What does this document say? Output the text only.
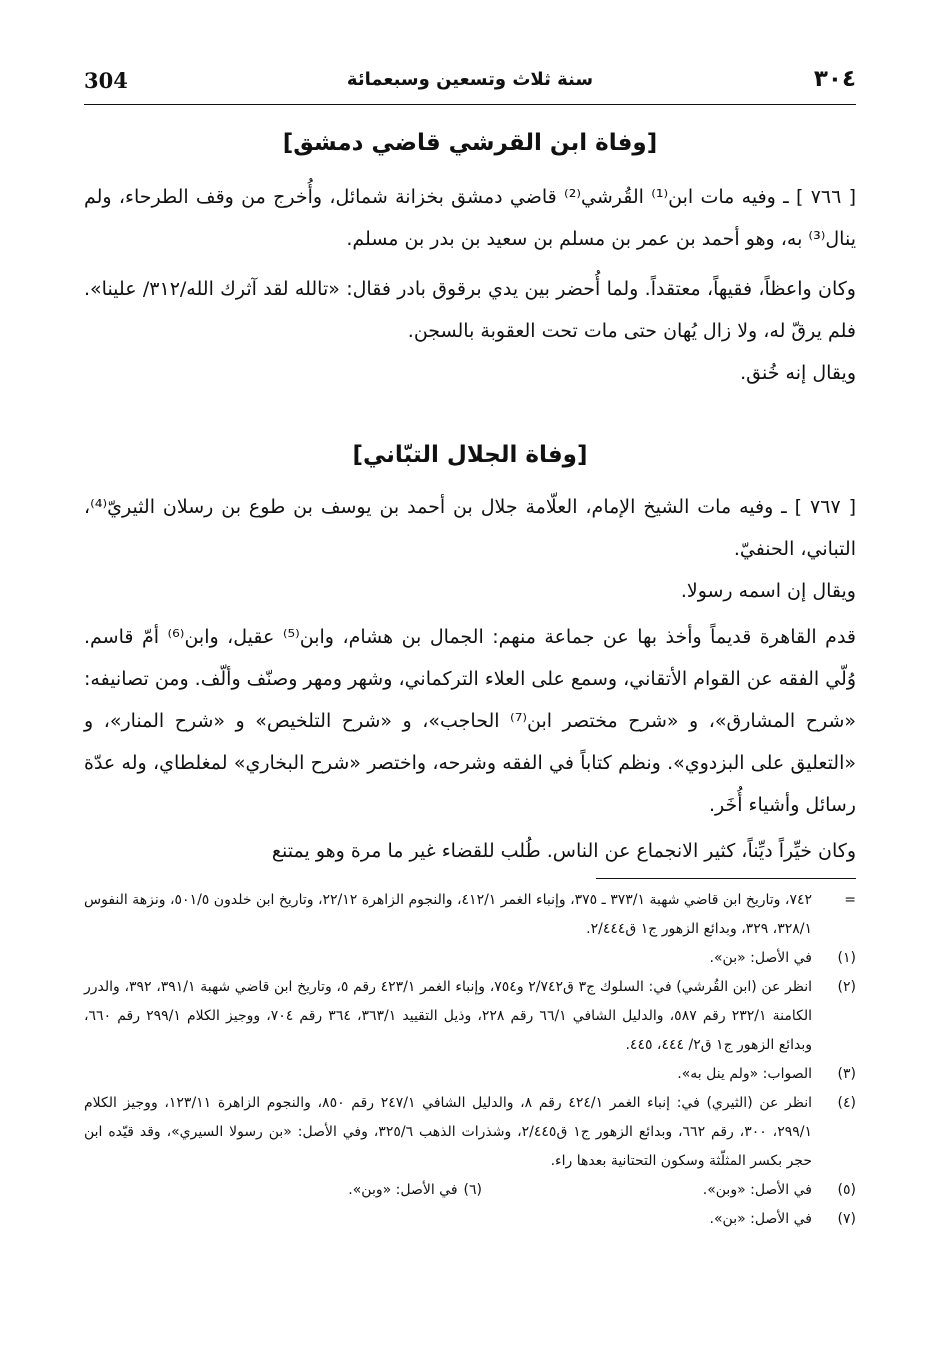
304	سنة ثلاث وتسعين وسبعمائة	٣٠٤
[وفاة ابن القرشي قاضي دمشق]

[ ٧٦٦ ] ـ وفيه مات ابن⁽¹⁾ القُرشي⁽²⁾ قاضي دمشق بخزانة شمائل، وأُخرج من وقف الطرحاء، ولم ينال⁽³⁾ به، وهو أحمد بن عمر بن مسلم بن سعيد بن بدر بن مسلم.

وكان واعظاً، فقيهاً، معتقداً. ولما أُحضر بين يدي برقوق بادر فقال: «تالله لقد آثرك الله/٣١٢/ علينا». فلم يرقّ له، ولا زال يُهان حتى مات تحت العقوبة بالسجن.

ويقال إنه خُنق.

[وفاة الجلال التبّاني]

[ ٧٦٧ ] ـ وفيه مات الشيخ الإمام، العلّامة جلال بن أحمد بن يوسف بن طوع بن رسلان الثيريّ⁽⁴⁾، التباني، الحنفيّ.

ويقال إن اسمه رسولا.

قدم القاهرة قديماً وأخذ بها عن جماعة منهم: الجمال بن هشام، وابن⁽⁵⁾ عقيل، وابن⁽⁶⁾ أمّ قاسم. وُلّي الفقه عن القوام الأتقاني، وسمع على العلاء التركماني، وشهر ومهر وصنّف وألّف. ومن تصانيفه: «شرح المشارق»، و «شرح مختصر ابن⁽⁷⁾ الحاجب»، و «شرح التلخيص» و «شرح المنار»، و «التعليق على البزدوي». ونظم كتاباً في الفقه وشرحه، واختصر «شرح البخاري» لمغلطاي، وله عدّة رسائل وأشياء أُخَر.

وكان خيِّراً ديِّناً، كثير الانجماع عن الناس. طُلب للقضاء غير ما مرة وهو يمتنع

=
٧٤٢، وتاريخ ابن قاضي شهبة ٣٧٣/١ ـ ٣٧٥، وإنباء الغمر ٤١٢/١، والنجوم الزاهرة ٢٢/١٢، وتاريخ ابن خلدون ٥٠١/٥، ونزهة النفوس ٣٢٨/١، ٣٢٩، وبدائع الزهور ج١ ق٢/٤٤٤.
(١)
في الأصل: «بن».
(٢)
انظر عن (ابن القُرشي) في: السلوك ج٣ ق٢/٧٤٢ و٧٥٤، وإنباء الغمر ٤٢٣/١ رقم ٥، وتاريخ ابن قاضي شهبة ٣٩١/١، ٣٩٢، والدرر الكامنة ٢٣٢/١ رقم ٥٨٧، والدليل الشافي ٦٦/١ رقم ٢٢٨، وذيل التقييد ٣٦٣/١، ٣٦٤ رقم ٧٠٤، ووجيز الكلام ٢٩٩/١ رقم ٦٦٠، وبدائع الزهور ج١ ق٢/ ٤٤٤، ٤٤٥.
(٣)
الصواب: «ولم ينل به».
(٤)
انظر عن (الثيري) في: إنباء الغمر ٤٢٤/١ رقم ٨، والدليل الشافي ٢٤٧/١ رقم ٨٥٠، والنجوم الزاهرة ١٢٣/١١، ووجيز الكلام ٢٩٩/١، ٣٠٠، رقم ٦٦٢، وبدائع الزهور ج١ ق٢/٤٤٥، وشذرات الذهب ٣٢٥/٦، وفي الأصل: «بن رسولا السيري»، وقد قيّده ابن حجر بكسر المثلّثة وسكون التحتانية بعدها راء.
(٥)
في الأصل: «وبن».
(٦)
في الأصل: «وبن».
(٧)
في الأصل: «بن».
